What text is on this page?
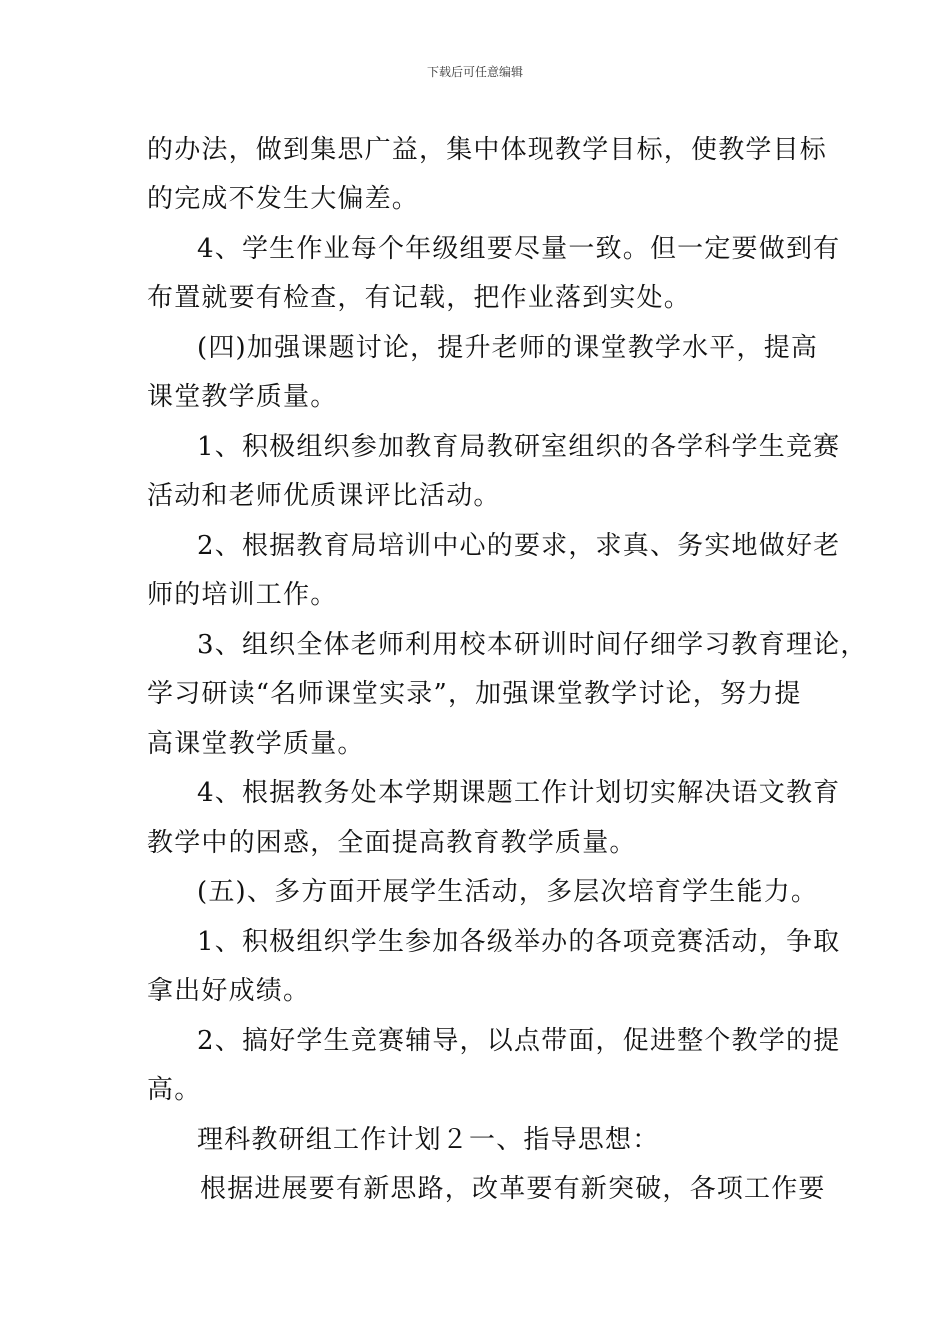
下载后可任意编辑
的办法，做到集思广益，集中体现教学目标，使教学目标
的完成不发生大偏差。
4、学生作业每个年级组要尽量一致。但一定要做到有
布置就要有检查，有记载，把作业落到实处。
(四)加强课题讨论，提升老师的课堂教学水平，提高
课堂教学质量。
1、积极组织参加教育局教研室组织的各学科学生竞赛
活动和老师优质课评比活动。
2、根据教育局培训中心的要求，求真、务实地做好老
师的培训工作。
3、组织全体老师利用校本研训时间仔细学习教育理论，
学习研读“名师课堂实录”，加强课堂教学讨论，努力提
高课堂教学质量。
4、根据教务处本学期课题工作计划切实解决语文教育
教学中的困惑，全面提高教育教学质量。
(五)、多方面开展学生活动，多层次培育学生能力。
1、积极组织学生参加各级举办的各项竞赛活动，争取
拿出好成绩。
2、搞好学生竞赛辅导，以点带面，促进整个教学的提
高。
理科教研组工作计划２一、指导思想：
根据进展要有新思路，改革要有新突破，各项工作要
